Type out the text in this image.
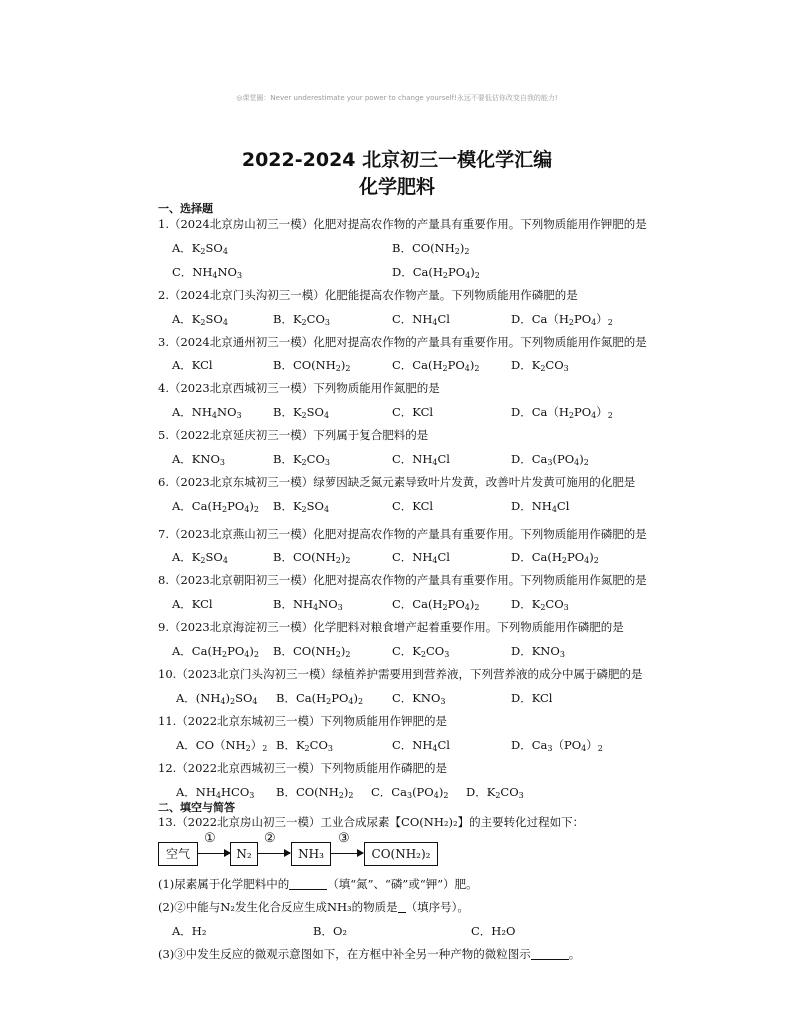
◎课堂圈：Never underestimate your power to change yourself!永远不要低估你改变自我的能力!
2022-2024 北京初三一模化学汇编
化学肥料
一、选择题
1.（2024北京房山初三一模）化肥对提高农作物的产量具有重要作用。下列物质能用作钾肥的是
A．$K_2SO_4$	B．$CO(NH_2)_2$
C．$NH_4NO_3$	D．$Ca(H_2PO_4)_2$
2.（2024北京门头沟初三一模）化肥能提高农作物产量。下列物质能用作磷肥的是
A．$K_2SO_4$	B．$K_2CO_3$	C．$NH_4Cl$	D．$Ca(H_2PO_4)_2$
3.（2024北京通州初三一模）化肥对提高农作物的产量具有重要作用。下列物质能用作氮肥的是
A．KCl	B．$CO(NH_2)_2$	C．$Ca(H_2PO_4)_2$	D．$K_2CO_3$
4.（2023北京西城初三一模）下列物质能用作氮肥的是
A．$NH_4NO_3$	B．$K_2SO_4$	C．KCl	D．$Ca(H_2PO_4)_2$
5.（2022北京延庆初三一模）下列属于复合肥料的是
A．$KNO_3$	B．$K_2CO_3$	C．$NH_4Cl$	D．$Ca_3(PO_4)_2$
6.（2023北京东城初三一模）绿萝因缺乏氮元素导致叶片发黄，改善叶片发黄可施用的化肥是
A．$Ca(H_2PO_4)_2$ B．$K_2SO_4$	C．KCl	D．$NH_4Cl$
7.（2023北京燕山初三一模）化肥对提高农作物的产量具有重要作用。下列物质能用作磷肥的是
A．$K_2SO_4$	B．$CO(NH_2)_2$	C．$NH_4Cl$	D．$Ca(H_2PO_4)_2$
8.（2023北京朝阳初三一模）化肥对提高农作物的产量具有重要作用。下列物质能用作氮肥的是
A．KCl	B．$NH_4NO_3$	C．$Ca(H_2PO_4)_2$	D．$K_2CO_3$
9.（2023北京海淀初三一模）化学肥料对粮食增产起着重要作用。下列物质能用作磷肥的是
A．$Ca(H_2PO_4)_2$ B．$CO(NH_2)_2$	C．$K_2CO_3$	D．$KNO_3$
10.（2023北京门头沟初三一模）绿植养护需要用到营养液，下列营养液的成分中属于磷肥的是
A．$(NH_4)_2SO_4$ B．$Ca(H_2PO_4)_2$	C．$KNO_3$	D．KCl
11.（2022北京东城初三一模）下列物质能用作钾肥的是
A．$CO(NH_2)_2$ B．$K_2CO_3$	C．$NH_4Cl$	D．$Ca_3(PO_4)_2$
12.（2022北京西城初三一模）下列物质能用作磷肥的是
A．$NH_4HCO_3$ B．$CO(NH_2)_2$ C．$Ca_3(PO_4)_2$ D．$K_2CO_3$
二、填空与简答
13.（2022北京房山初三一模）工业合成尿素【CO(NH₂)₂】的主要转化过程如下：
空气
①
N₂
②
NH₃
③
CO(NH₂)₂
(1)尿素属于化学肥料中的	（填“氮”、“磷”或“钾”）肥。
(2)②中能与N₂发生化合反应生成NH₃的物质是 （填序号）。
A．H₂	B．O₂	C．H₂O
(3)③中发生反应的微观示意图如下，在方框中补全另一种产物的微粒图示	。
